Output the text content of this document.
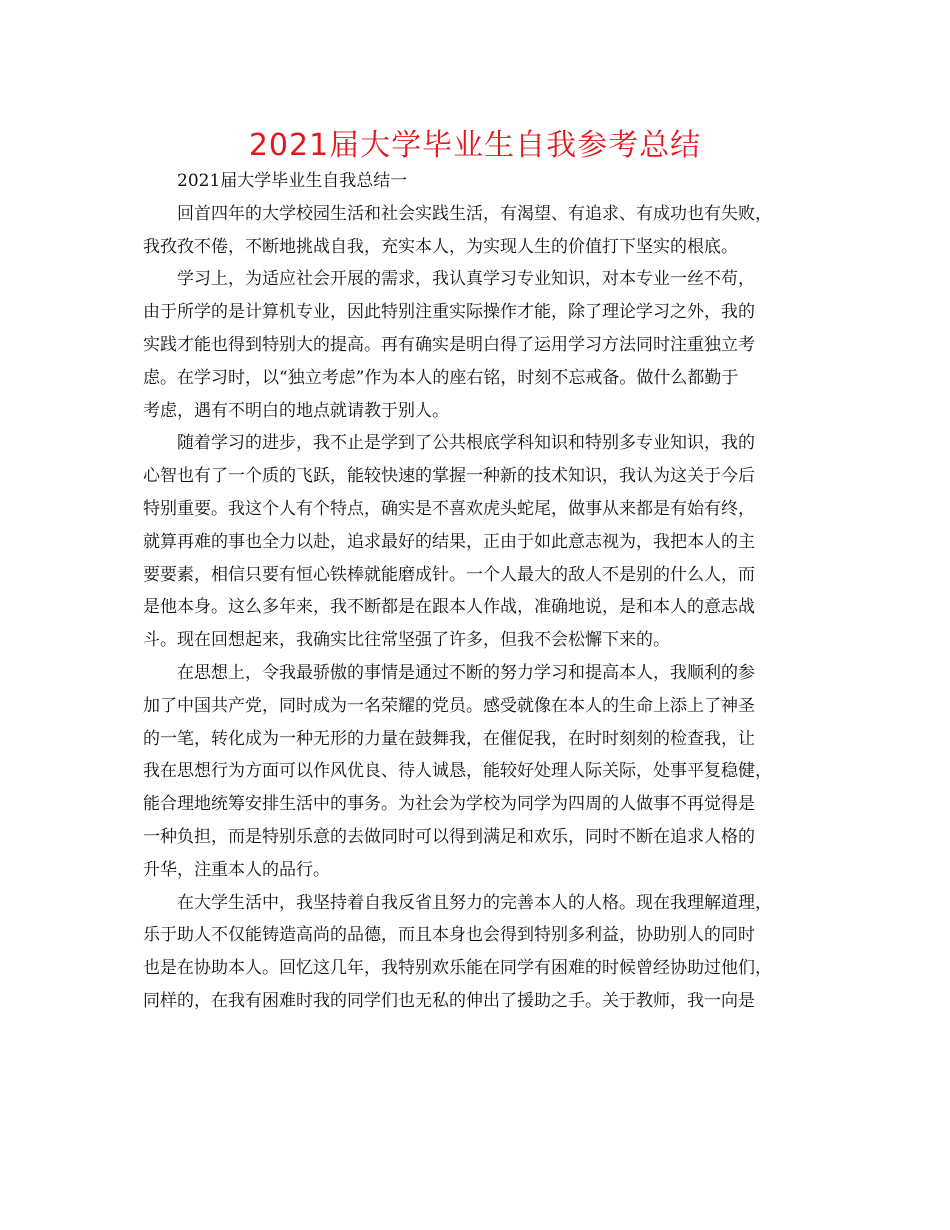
2021届大学毕业生自我参考总结
2021届大学毕业生自我总结一
回首四年的大学校园生活和社会实践生活，有渴望、有追求、有成功也有失败，
我孜孜不倦，不断地挑战自我，充实本人，为实现人生的价值打下坚实的根底。
学习上，为适应社会开展的需求，我认真学习专业知识，对本专业一丝不苟，
由于所学的是计算机专业，因此特别注重实际操作才能，除了理论学习之外，我的
实践才能也得到特别大的提高。再有确实是明白得了运用学习方法同时注重独立考
虑。在学习时，以“独立考虑”作为本人的座右铭，时刻不忘戒备。做什么都勤于
考虑，遇有不明白的地点就请教于别人。
随着学习的进步，我不止是学到了公共根底学科知识和特别多专业知识，我的
心智也有了一个质的飞跃，能较快速的掌握一种新的技术知识，我认为这关于今后
特别重要。我这个人有个特点，确实是不喜欢虎头蛇尾，做事从来都是有始有终，
就算再难的事也全力以赴，追求最好的结果，正由于如此意志视为，我把本人的主
要要素，相信只要有恒心铁棒就能磨成针。一个人最大的敌人不是别的什么人，而
是他本身。这么多年来，我不断都是在跟本人作战，准确地说，是和本人的意志战
斗。现在回想起来，我确实比往常坚强了许多，但我不会松懈下来的。
在思想上，令我最骄傲的事情是通过不断的努力学习和提高本人，我顺利的参
加了中国共产党，同时成为一名荣耀的党员。感受就像在本人的生命上添上了神圣
的一笔，转化成为一种无形的力量在鼓舞我，在催促我，在时时刻刻的检查我，让
我在思想行为方面可以作风优良、待人诚恳，能较好处理人际关际，处事平复稳健，
能合理地统筹安排生活中的事务。为社会为学校为同学为四周的人做事不再觉得是
一种负担，而是特别乐意的去做同时可以得到满足和欢乐，同时不断在追求人格的
升华，注重本人的品行。
在大学生活中，我坚持着自我反省且努力的完善本人的人格。现在我理解道理，
乐于助人不仅能铸造高尚的品德，而且本身也会得到特别多利益，协助别人的同时
也是在协助本人。回忆这几年，我特别欢乐能在同学有困难的时候曾经协助过他们，
同样的，在我有困难时我的同学们也无私的伸出了援助之手。关于教师，我一向是
